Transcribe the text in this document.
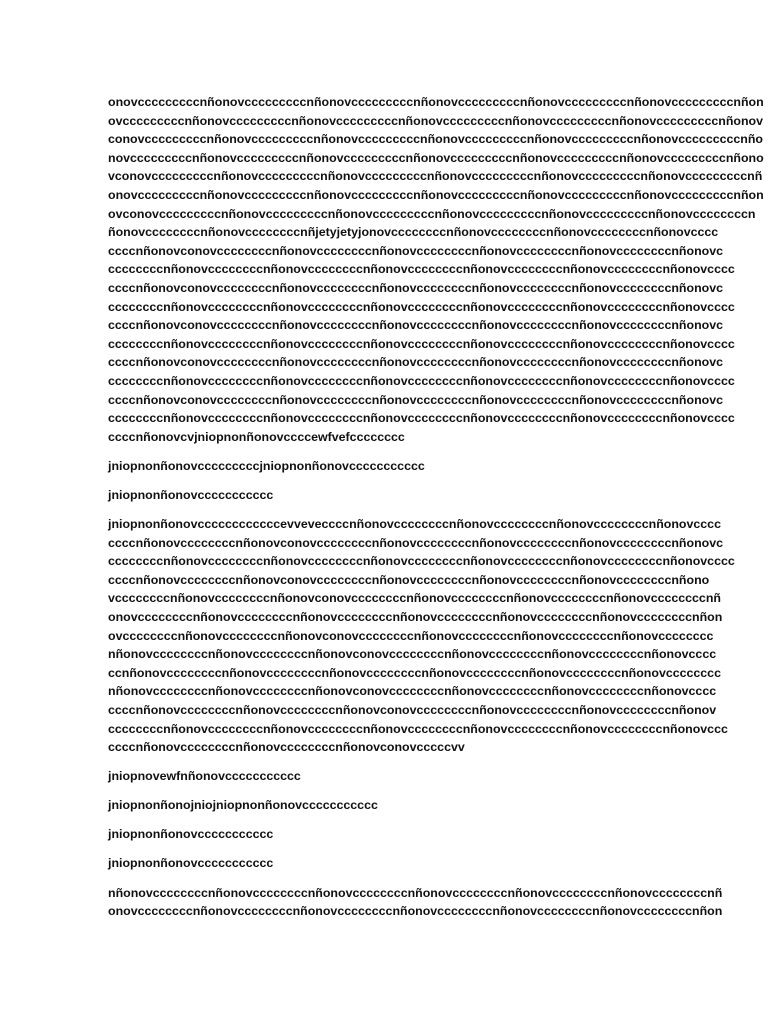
onovcccccccccnñonovcccccccccnñonovcccccccccnñonovcccccccccnñonovcccccccccnñonovcccccccccnñon
ovcccccccccnñonovcccccccccnñonovcccccccccnñonovcccccccccnñonovcccccccccnñonovcccccccccnñonov
conovcccccccccnñonovcccccccccnñonovcccccccccnñonovcccccccccnñonovcccccccccnñonovcccccccccnño
novcccccccccnñonovcccccccccnñonovcccccccccnñonovcccccccccnñonovcccccccccnñonovcccccccccnñono
vconovcccccccccnñonovcccccccccnñonovcccccccccnñonovcccccccccnñonovcccccccccnñonovcccccccccnñ
onovcccccccccnñonovcccccccccnñonovcccccccccnñonovcccccccccnñonovcccccccccnñonovcccccccccnñon
ovconovcccccccccnñonovcccccccccnñonovcccccccccnñonovcccccccccnñonovcccccccccnñonovccccccccn
ñonovccccccccnñonovccccccccnñjetyjetyjonovccccccccnñonovccccccccnñonovccccccccnñonovcccc
ccccnñonovconovccccccccnñonovccccccccnñonovccccccccnñonovccccccccnñonovccccccccnñonovc
ccccccccnñonovccccccccnñonovccccccccnñonovccccccccnñonovccccccccnñonovccccccccnñonovcccc
ccccnñonovconovccccccccnñonovccccccccnñonovccccccccnñonovccccccccnñonovccccccccnñonovc
ccccccccnñonovccccccccnñonovccccccccnñonovccccccccnñonovccccccccnñonovccccccccnñonovcccc
ccccnñonovconovccccccccnñonovccccccccnñonovccccccccnñonovccccccccnñonovccccccccnñonovc
ccccccccnñonovccccccccnñonovccccccccnñonovccccccccnñonovccccccccnñonovccccccccnñonovcccc
ccccnñonovconovccccccccnñonovccccccccnñonovccccccccnñonovccccccccnñonovccccccccnñonovc
ccccccccnñonovccccccccnñonovccccccccnñonovccccccccnñonovccccccccnñonovccccccccnñonovcccc
ccccnñonovconovccccccccnñonovccccccccnñonovccccccccnñonovccccccccnñonovccccccccnñonovc
ccccccccnñonovccccccccnñonovccccccccnñonovccccccccnñonovccccccccnñonovccccccccnñonovcccc
ccccnñonovcvjniopnonñonovccccewfvefcccccccc
jniopnonñonovcccccccccjniopnonñonovccccccccccc
jniopnonñonovccccccccccc
jniopnonñonovccccccccccccevveveccccnñonovccccccccnñonovccccccccnñonovccccccccnñonovcccc
ccccnñonovccccccccnñonovconovccccccccnñonovccccccccnñonovccccccccnñonovccccccccnñonovc
ccccccccnñonovccccccccnñonovccccccccnñonovccccccccnñonovccccccccnñonovccccccccnñonovcccc
ccccnñonovccccccccnñonovconovccccccccnñonovccccccccnñonovccccccccnñonovccccccccnñono
vccccccccnñonovccccccccnñonovconovccccccccnñonovccccccccnñonovccccccccnñonovccccccccnñ
onovccccccccnñonovccccccccnñonovccccccccnñonovccccccccnñonovccccccccnñonovccccccccnñon
ovccccccccnñonovccccccccnñonovconovccccccccnñonovccccccccnñonovccccccccnñonovcccccccc
nñonovccccccccnñonovccccccccnñonovconovccccccccnñonovccccccccnñonovccccccccnñonovcccc
ccnñonovccccccccnñonovccccccccnñonovccccccccnñonovccccccccnñonovccccccccnñonovcccccccc
nñonovccccccccnñonovccccccccnñonovconovccccccccnñonovccccccccnñonovccccccccnñonovcccc
ccccnñonovccccccccnñonovccccccccnñonovconovccccccccnñonovccccccccnñonovccccccccnñonov
ccccccccnñonovccccccccnñonovccccccccnñonovccccccccnñonovccccccccnñonovccccccccnñonovccc
ccccnñonovccccccccnñonovccccccccnñonovconovcccccvv
jniopnovewfnñonovccccccccccc
jniopnonñonojniojniopnonñonovccccccccccc
jniopnonñonovccccccccccc
jniopnonñonovccccccccccc
nñonovccccccccnñonovccccccccnñonovccccccccnñonovccccccccnñonovccccccccnñonovccccccccnñ
onovccccccccnñonovccccccccnñonovccccccccnñonovccccccccnñonovccccccccnñonovccccccccnñon
